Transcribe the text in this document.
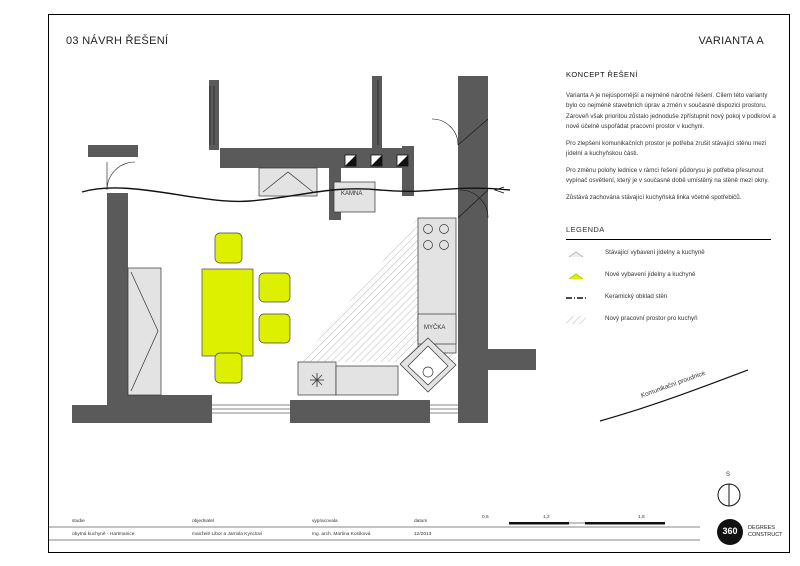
03 NÁVRH ŘEŠENÍ	VARIANTA A
KAMNA
MYČKA
Komunikační proudnice
S
KONCEPT ŘEŠENÍ
Varianta A je nejúspornější a nejméně náročné řešení. Cílem této varianty bylo co nejméně stavebních úprav a změn v současné dispozici prostoru. Zároveň však prioritou zůstalo jednoduše zpřístupnit nový pokoj v podkroví a nově účelně uspořádat pracovní prostor v kuchyni.
Pro zlepšení komunikačních prostor je potřeba zrušit stávající stěnu mezi jídelní a kuchyňskou části.
Pro změnu polohy lednice v rámci řešení půdorysu je potřeba přesunout vypínač osvětlení, který je v současné době umístěný na stěně mezi okny.
Zůstává zachována stávající kuchyňská linka včetně spotřebičů.
LEGENDA
Stávající vybavení jídelny a kuchyně
Nové vybavení jídelny a kuchyně
Keramický obklad stěn
Nový pracovní prostor pro kuchyň
studie	objednatel	vypracovala	datum
obytná kuchyně - Hartmanice	manželé Libor a Jarmila Kynclovi	Ing. arch. Martina Kosíková	12/2013
0,6	1,2	1,8
360	DEGREES
CONSTRUCT
